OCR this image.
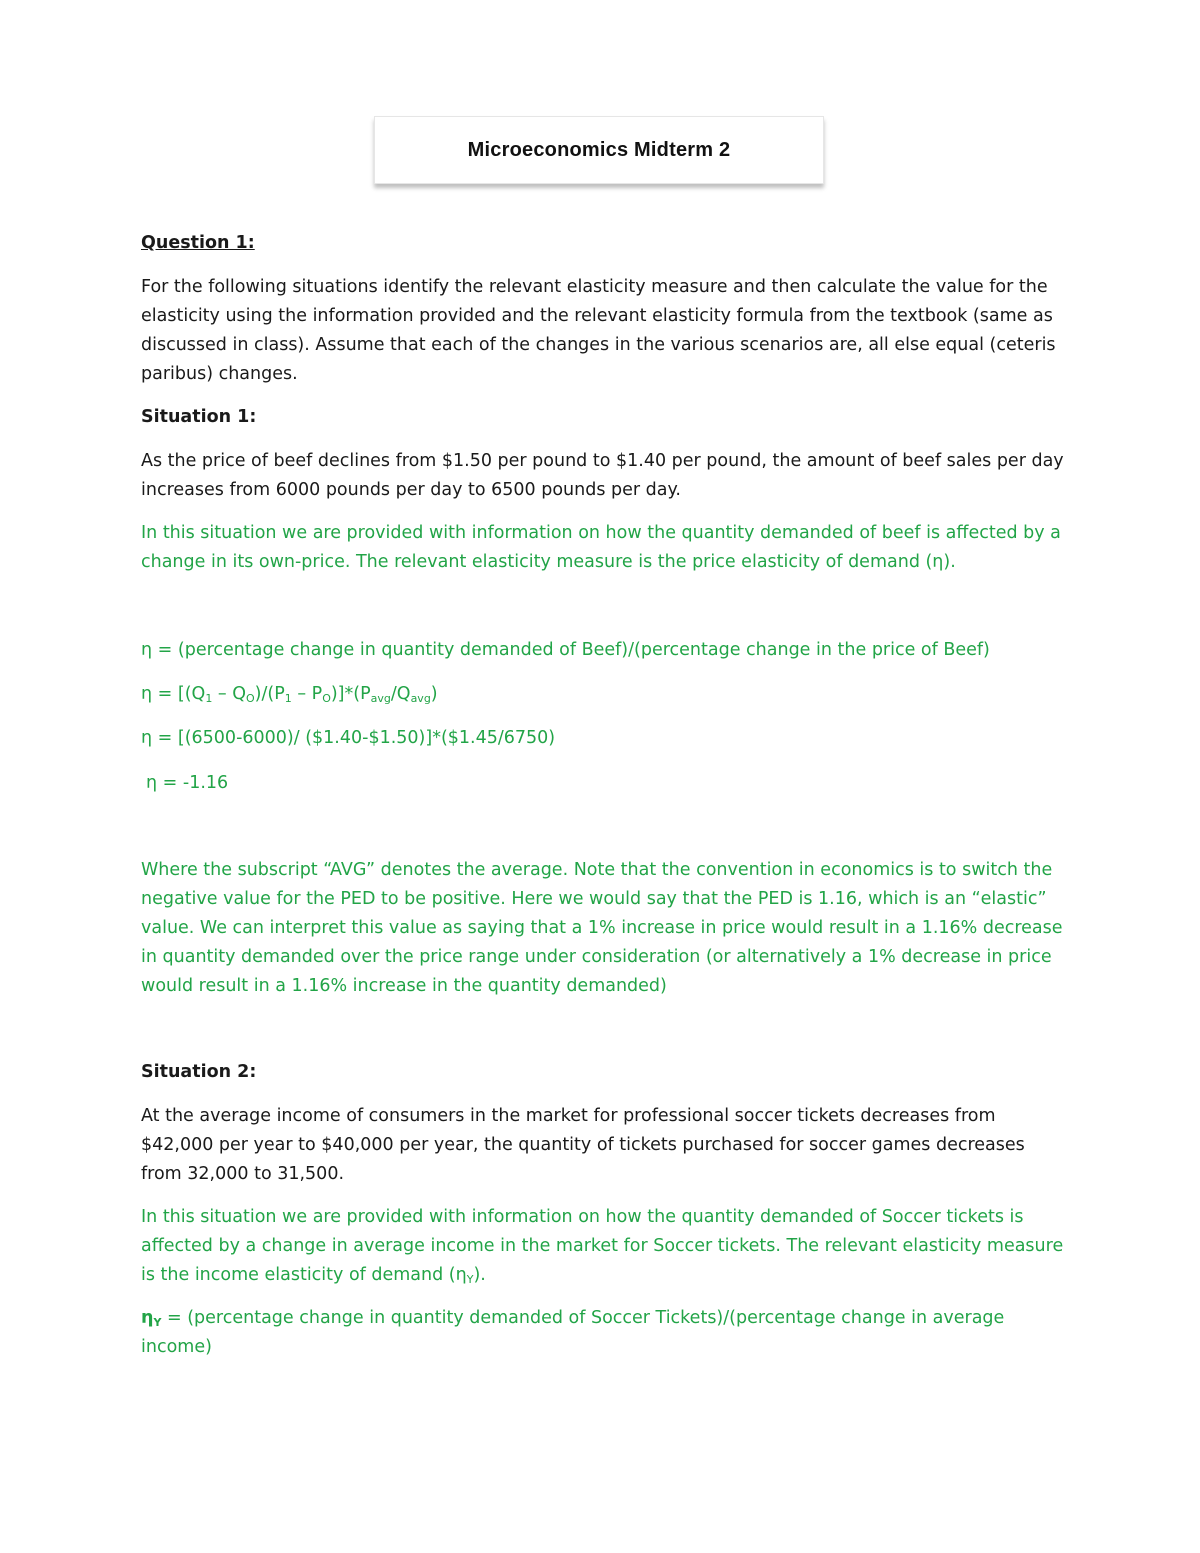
Microeconomics Midterm 2

Question 1:

For the following situations identify the relevant elasticity measure and then calculate the value for the elasticity using the information provided and the relevant elasticity formula from the textbook (same as discussed in class). Assume that each of the changes in the various scenarios are, all else equal (ceteris paribus) changes.

Situation 1:

As the price of beef declines from $1.50 per pound to $1.40 per pound, the amount of beef sales per day increases from 6000 pounds per day to 6500 pounds per day.

In this situation we are provided with information on how the quantity demanded of beef is affected by a change in its own-price. The relevant elasticity measure is the price elasticity of demand (η).

η = (percentage change in quantity demanded of Beef)/(percentage change in the price of Beef)

$\eta = [(Q_1 - Q_O)/(P_1 - P_O)]*(P_{avg}/Q_{avg})$

η = [(6500-6000)/ ($1.40-$1.50)]*($1.45/6750)

η = -1.16

Where the subscript “AVG” denotes the average. Note that the convention in economics is to switch the negative value for the PED to be positive. Here we would say that the PED is 1.16, which is an “elastic” value. We can interpret this value as saying that a 1% increase in price would result in a 1.16% decrease in quantity demanded over the price range under consideration (or alternatively a 1% decrease in price would result in a 1.16% increase in the quantity demanded)

Situation 2:

At the average income of consumers in the market for professional soccer tickets decreases from $42,000 per year to $40,000 per year, the quantity of tickets purchased for soccer games decreases from 32,000 to 31,500.

In this situation we are provided with information on how the quantity demanded of Soccer tickets is affected by a change in average income in the market for Soccer tickets. The relevant elasticity measure is the income elasticity of demand $(\eta_Y)$.

$\eta_Y$ = (percentage change in quantity demanded of Soccer Tickets)/(percentage change in average income)
